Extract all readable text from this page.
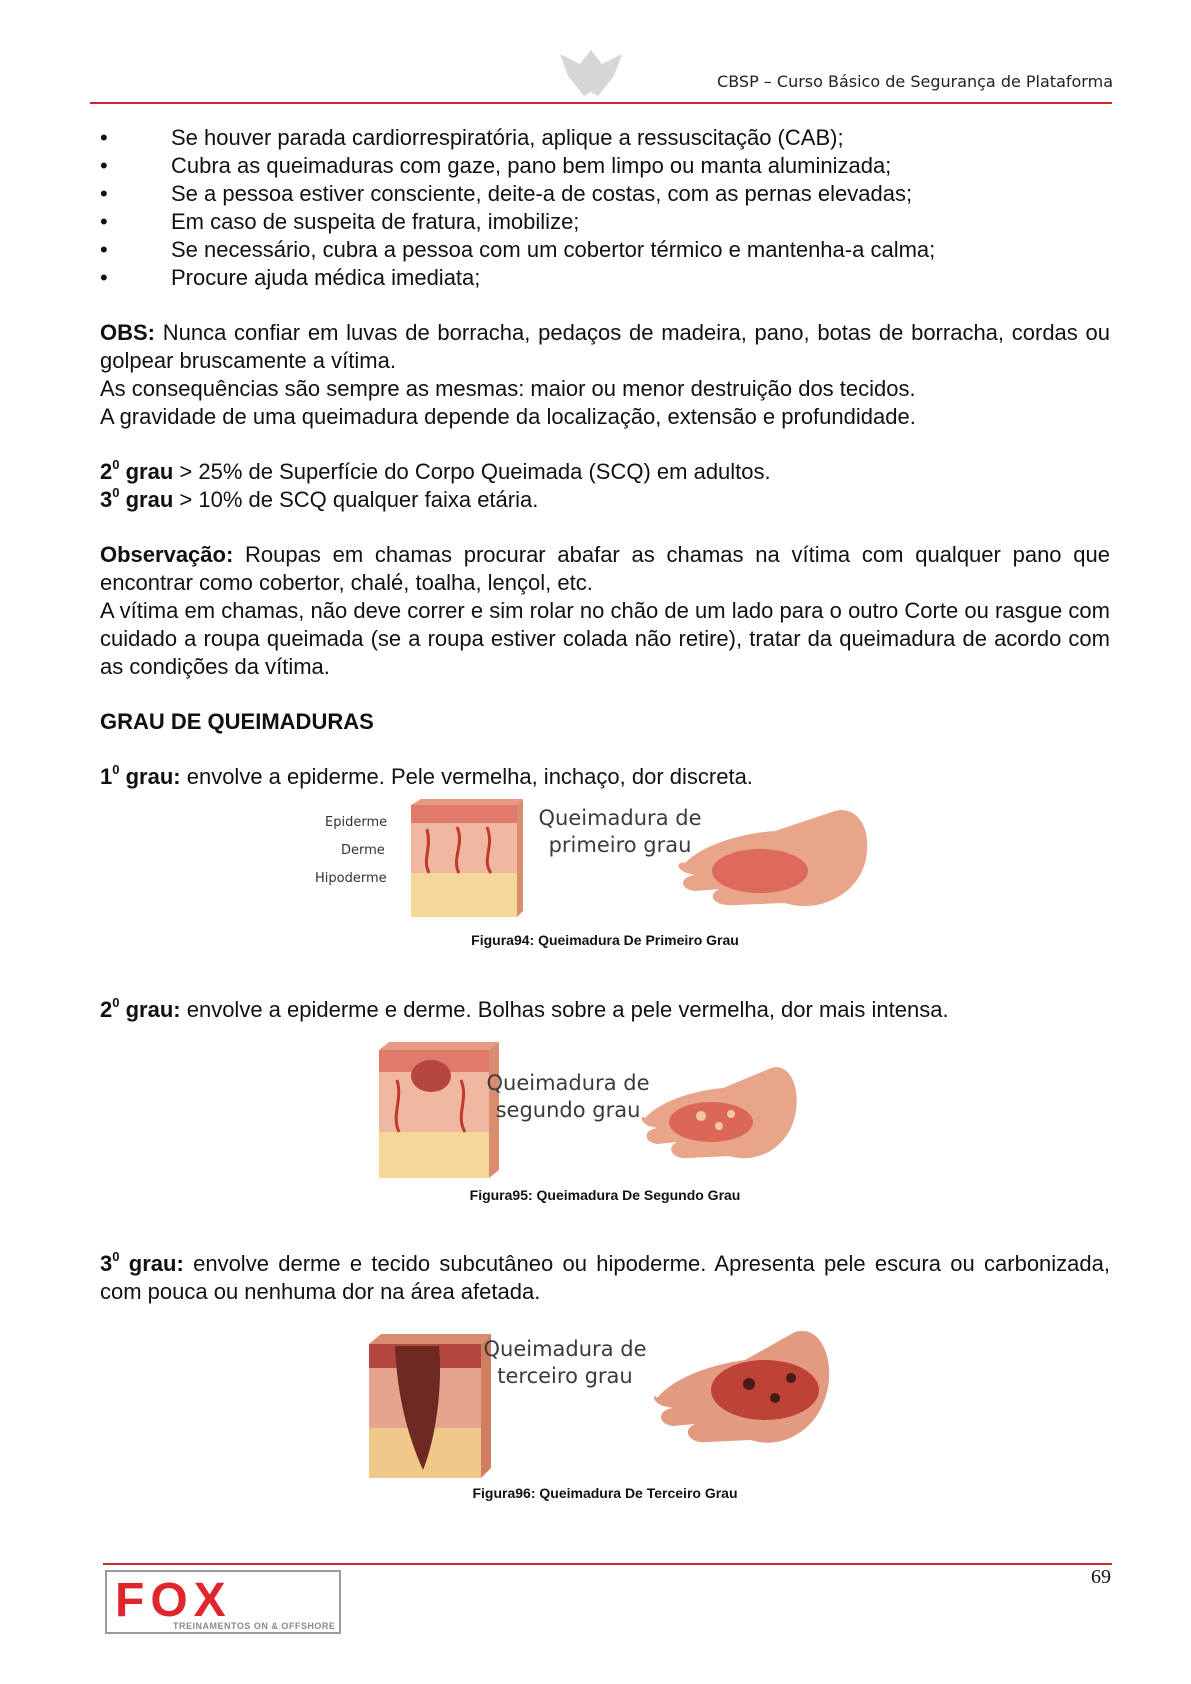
CBSP – Curso Básico de Segurança de Plataforma
•	Se houver parada cardiorrespiratória, aplique a ressuscitação (CAB);
•	Cubra as queimaduras com gaze, pano bem limpo ou manta aluminizada;
•	Se a pessoa estiver consciente, deite-a de costas, com as pernas elevadas;
•	Em caso de suspeita de fratura, imobilize;
•	Se necessário, cubra a pessoa com um cobertor térmico e mantenha-a calma;
•	Procure ajuda médica imediata;

OBS: Nunca confiar em luvas de borracha, pedaços de madeira, pano, botas de borracha, cordas ou golpear bruscamente a vítima.

As consequências são sempre as mesmas: maior ou menor destruição dos tecidos.

A gravidade de uma queimadura depende da localização, extensão e profundidade.

$2^0$ grau > 25% de Superfície do Corpo Queimada (SCQ) em adultos.

$3^0$ grau > 10% de SCQ qualquer faixa etária.

Observação: Roupas em chamas procurar abafar as chamas na vítima com qualquer pano que encontrar como cobertor, chalé, toalha, lençol, etc.

A vítima em chamas, não deve correr e sim rolar no chão de um lado para o outro Corte ou rasgue com cuidado a roupa queimada (se a roupa estiver colada não retire), tratar da queimadura de acordo com as condições da vítima.

GRAU DE QUEIMADURAS

$1^0$ grau: envolve a epiderme. Pele vermelha, inchaço, dor discreta.

Epiderme
Derme
Hipoderme
Queimadura de
primeiro grau
Figura94: Queimadura De Primeiro Grau

$2^0$ grau: envolve a epiderme e derme. Bolhas sobre a pele vermelha, dor mais intensa.

Queimadura de
segundo grau
Figura95: Queimadura De Segundo Grau

$3^0$ grau: envolve derme e tecido subcutâneo ou hipoderme. Apresenta pele escura ou carbonizada, com pouca ou nenhuma dor na área afetada.

Queimadura de
terceiro grau
Figura96: Queimadura De Terceiro Grau
FOX
TREINAMENTOS ON & OFFSHORE
69
